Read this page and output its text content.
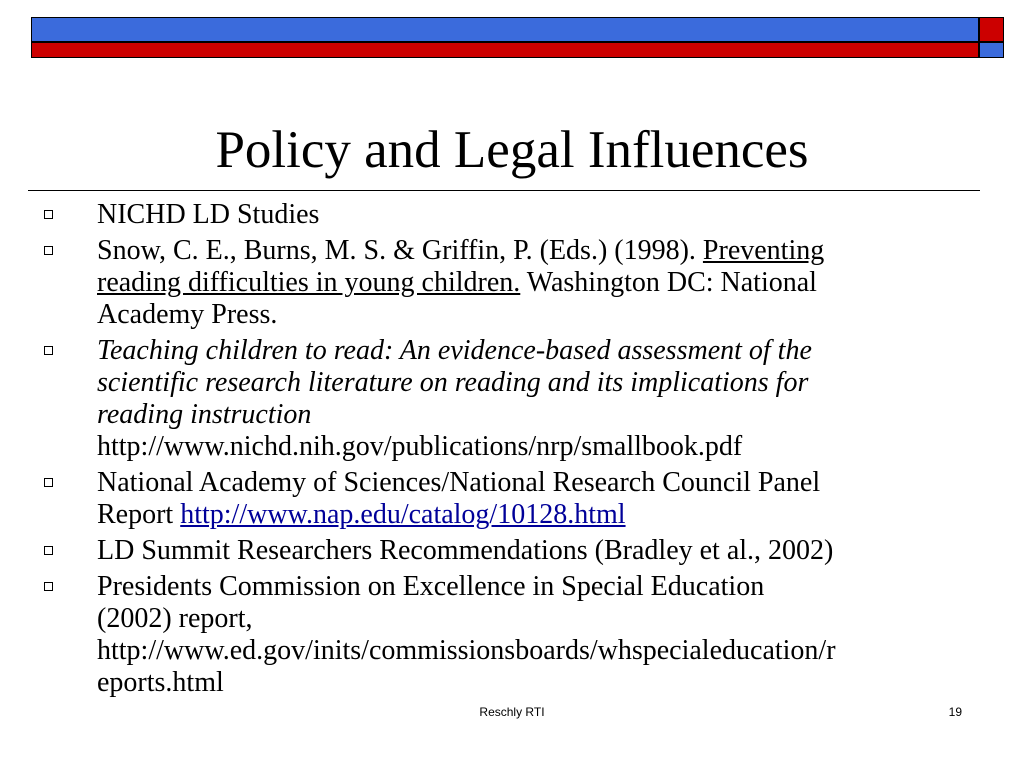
Policy and Legal Influences
NICHD LD Studies
Snow, C. E., Burns, M. S. & Griffin, P. (Eds.) (1998). Preventing
reading difficulties in young children. Washington DC: National
Academy Press.
Teaching children to read: An evidence-based assessment of the
scientific research literature on reading and its implications for
reading instruction
http://www.nichd.nih.gov/publications/nrp/smallbook.pdf
National Academy of Sciences/National Research Council Panel
Report http://www.nap.edu/catalog/10128.html
LD Summit Researchers Recommendations (Bradley et al., 2002)
Presidents Commission on Excellence in Special Education
(2002) report,
http://www.ed.gov/inits/commissionsboards/whspecialeducation/r
eports.html
Reschly RTI	19
